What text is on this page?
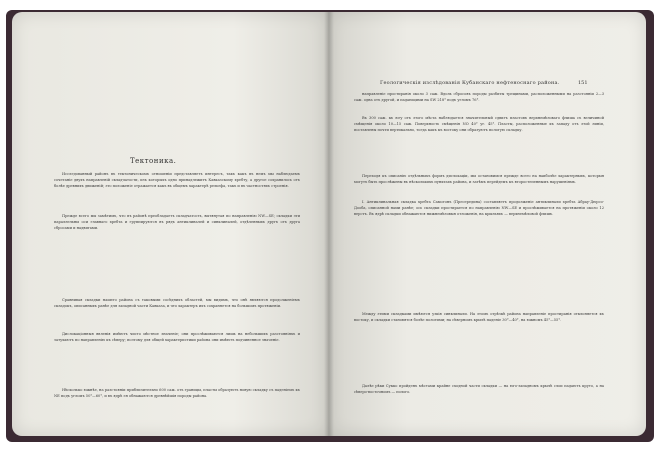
Тектоника.

Исследованный районъ въ тектоническомъ отношенiи представляетъ интересъ, такъ какъ въ немъ мы наблюдаемъ сочетанiе двухъ направленiй складчатости, изъ которыхъ одно принадлежитъ Кавказскому хребту, а другое сохранилось отъ болѣе древнихъ движенiй; это положенiе отражается какъ въ общемъ характерѣ рельефа, такъ и въ частностяхъ строенiя.

Прежде всего мы замѣтимъ, что въ районѣ преобладаетъ складчатость, вытянутая по направленiю NW—SE; складки эти параллельны оси главнаго хребта и группируются въ рядъ антиклиналей и синклиналей, отдѣленныхъ другъ отъ друга сбросами и надвигами.

Сравнивая складки нашего района съ таковыми сосѣднихъ областей, мы видимъ, что онѣ являются продолженiемъ складокъ, описанныхъ ранѣе для западной части Кавказа, и что характеръ ихъ сохраняется на большомъ протяженiи.

Дислокацiонныя явленiя имѣютъ чисто мѣстное значенiе; они прослѣживаются лишь на небольшихъ разстоянiяхъ и затухаютъ по направленiю къ сѣверу; поэтому для общей характеристики района они имѣютъ подчиненное значенiе.

Нѣсколько южнѣе, на разстоянiи приблизительно 600 саж. отъ границы, пласты образуютъ новую складку съ паденiемъ къ NE подъ угломъ 50°—60°, и въ ядрѣ ея обнажаются древнѣйшiя породы района.

Геологическiя изслѣдованiя Кубанскаго нефтеноснаго района.	151

направленiе простиранiя около 3 саж. Вдоль сбросовъ породы разбиты трещинами, расположенными на разстоянiи 2—3 саж. одна отъ другой, и падающими на SW 218° подъ угломъ 76°.

Въ 300 саж. къ югу отъ этого мѣста наблюдается значительный сдвигъ пластовъ верхнемѣловаго флиша съ величиной смѣщенiя около 10—15 саж. Поверхность смѣщенiя NO 40° уг. 45°. Пласты, расположенные къ западу отъ этой линiи, поставлены почти вертикально, тогда какъ къ востоку они образуютъ пологую складку.

Переходя къ описанiю отдѣльныхъ формъ дислокацiи, мы остановимся прежде всего на наиболѣе характерныхъ, которыя могутъ быть прослѣжены въ нѣсколькихъ пунктахъ района, и затѣмъ перейдемъ къ второстепеннымъ нарушенiямъ.

I. Антиклинальная складка хребта Самогонъ (Пресередина) составляетъ продолженiе антиклинали хребта Абрау-Дюрсо-Дооба, описанной нами ранѣе; ось складки простирается по направленiю NW—SE и прослѣживается на протяженiи около 12 верстъ. Въ ядрѣ складки обнажаются нижнемѣловыя отложенiя, на крыльяхъ — верхнемѣловой флишъ.

Между этими складками имѣются узкiя синклинали. На этомъ отрѣзкѣ района направленiе простиранiя отклоняется къ востоку, и складки становятся болѣе пологими; на сѣверномъ крылѣ паденiе 30°—40°, на южномъ 45°—55°.

Далѣе рѣки Сукко пройденъ мѣстами крайне сходной части складки — на юго-западномъ крылѣ слои падаютъ круто, а на сѣверо-восточномъ — полого.
